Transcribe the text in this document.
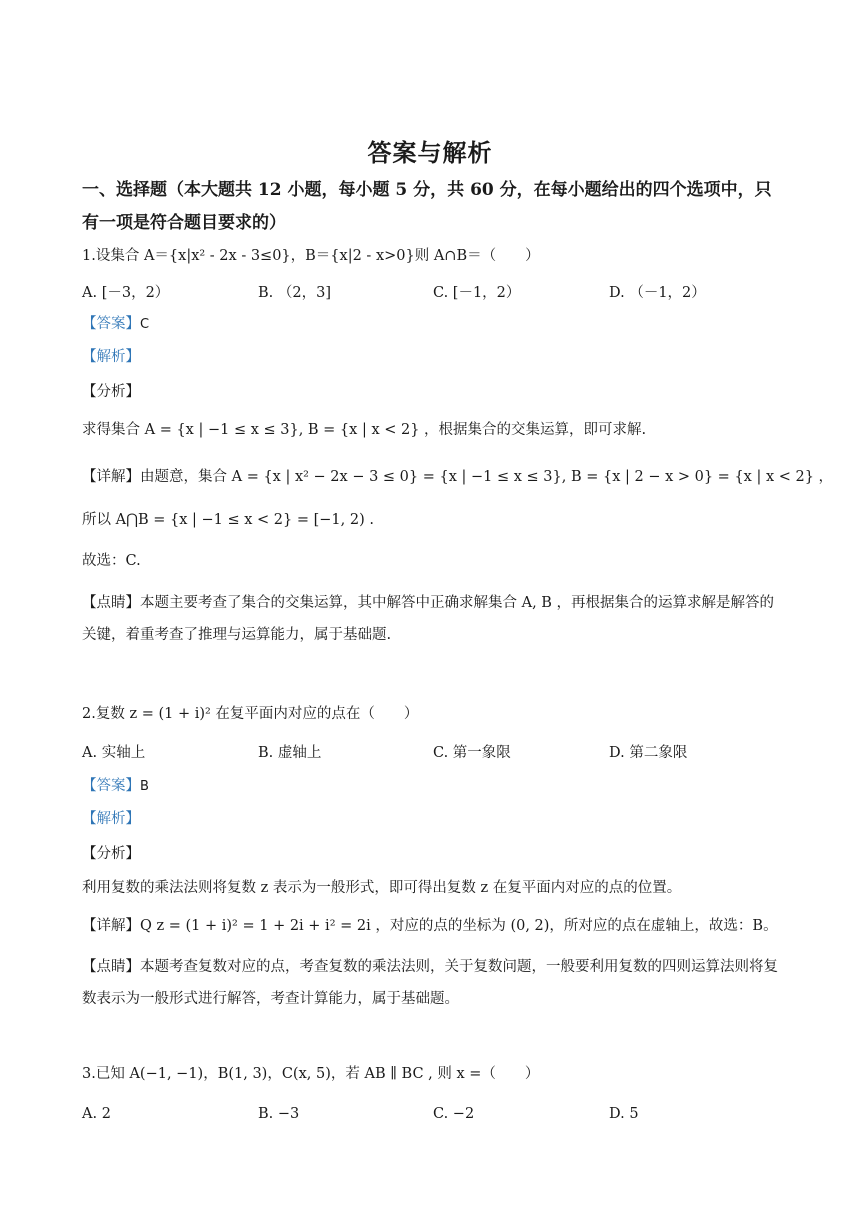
答案与解析
一、选择题（本大题共 12 小题，每小题 5 分，共 60 分，在每小题给出的四个选项中，只有一项是符合题目要求的）
1.设集合 A＝{x|x² - 2x - 3≤0}，B＝{x|2 - x>0}则 A∩B＝（　　）
A. [－3，2）	B. （2，3]	C. [－1，2）	D. （－1，2）
【答案】C
【解析】
【分析】
求得集合 A = {x | −1 ≤ x ≤ 3}, B = {x | x < 2} ，根据集合的交集运算，即可求解.
【详解】由题意，集合 A = {x | x² − 2x − 3 ≤ 0} = {x | −1 ≤ x ≤ 3}, B = {x | 2 − x > 0} = {x | x < 2} ，
所以 A⋂B = {x | −1 ≤ x < 2} = [−1, 2) .
故选：C.
【点睛】本题主要考查了集合的交集运算，其中解答中正确求解集合 A, B ，再根据集合的运算求解是解答的关键，着重考查了推理与运算能力，属于基础题.
2.复数 z = (1 + i)² 在复平面内对应的点在（　　）
A. 实轴上	B. 虚轴上	C. 第一象限	D. 第二象限
【答案】B
【解析】
【分析】
利用复数的乘法法则将复数 z 表示为一般形式，即可得出复数 z 在复平面内对应的点的位置。
【详解】Q z = (1 + i)² = 1 + 2i + i² = 2i ，对应的点的坐标为 (0, 2)，所对应的点在虚轴上，故选：B。
【点睛】本题考查复数对应的点，考查复数的乘法法则，关于复数问题，一般要利用复数的四则运算法则将复数表示为一般形式进行解答，考查计算能力，属于基础题。
3.已知 A(−1, −1)，B(1, 3)，C(x, 5)，若 AB ∥ BC , 则 x =（　　）
A. 2	B. −3	C. −2	D. 5
